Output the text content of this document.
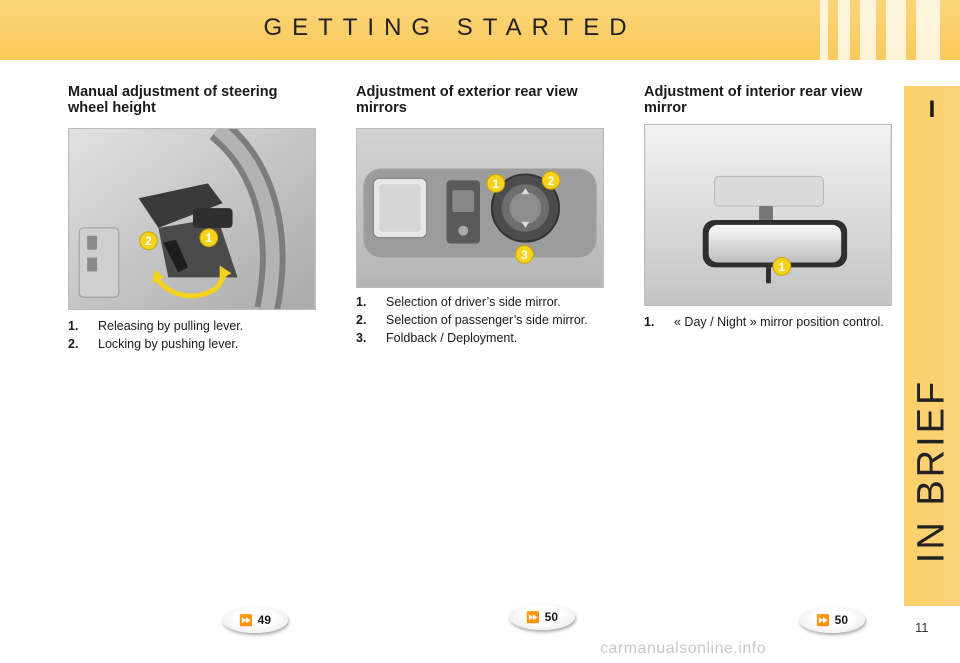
GETTING STARTED
I
IN BRIEF
Manual adjustment of steering wheel height
2	1
1. Releasing by pulling lever.
2. Locking by pushing lever.
⏩ 49
Adjustment of exterior rear view mirrors
1	2
3
1. Selection of driver’s side mirror.
2. Selection of passenger’s side mirror.
3. Foldback / Deployment.
⏩ 50
Adjustment of interior rear view mirror
1
1. « Day / Night » mirror position control.
⏩ 50	11
carmanualsonline.info
